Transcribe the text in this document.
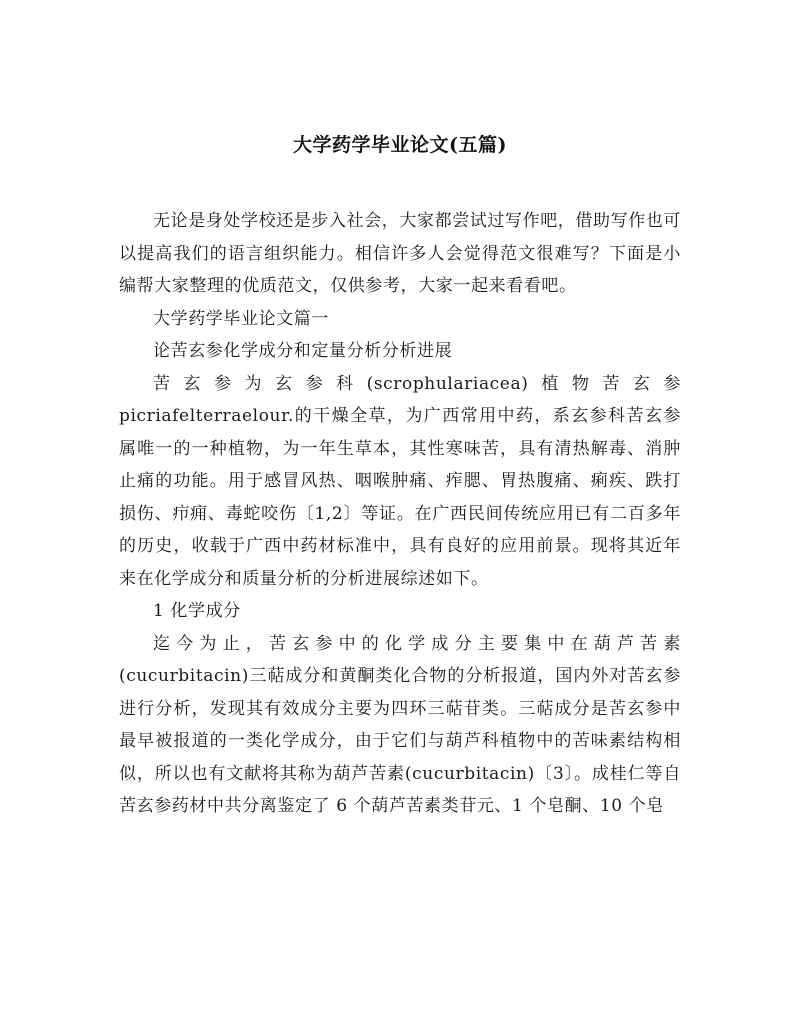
大学药学毕业论文(五篇)

无论是身处学校还是步入社会，大家都尝试过写作吧，借助写作也可以提高我们的语言组织能力。相信许多人会觉得范文很难写？下面是小编帮大家整理的优质范文，仅供参考，大家一起来看看吧。

大学药学毕业论文篇一

论苦玄参化学成分和定量分析分析进展

苦玄参为玄参科(scrophulariacea)植物苦玄参 picriafelterraelour.的干燥全草，为广西常用中药，系玄参科苦玄参属唯一的一种植物，为一年生草本，其性寒味苦，具有清热解毒、消肿止痛的功能。用于感冒风热、咽喉肿痛、痄腮、胃热腹痛、痢疾、跌打损伤、疖痈、毒蛇咬伤〔1,2〕等证。在广西民间传统应用已有二百多年的历史，收载于广西中药材标准中，具有良好的应用前景。现将其近年来在化学成分和质量分析的分析进展综述如下。

1 化学成分

迄今为止，苦玄参中的化学成分主要集中在葫芦苦素(cucurbitacin)三萜成分和黄酮类化合物的分析报道，国内外对苦玄参进行分析，发现其有效成分主要为四环三萜苷类。三萜成分是苦玄参中最早被报道的一类化学成分，由于它们与葫芦科植物中的苦味素结构相似，所以也有文献将其称为葫芦苦素(cucurbitacin)〔3〕。成桂仁等自苦玄参药材中共分离鉴定了 6 个葫芦苦素类苷元、1 个皂酮、10 个皂
